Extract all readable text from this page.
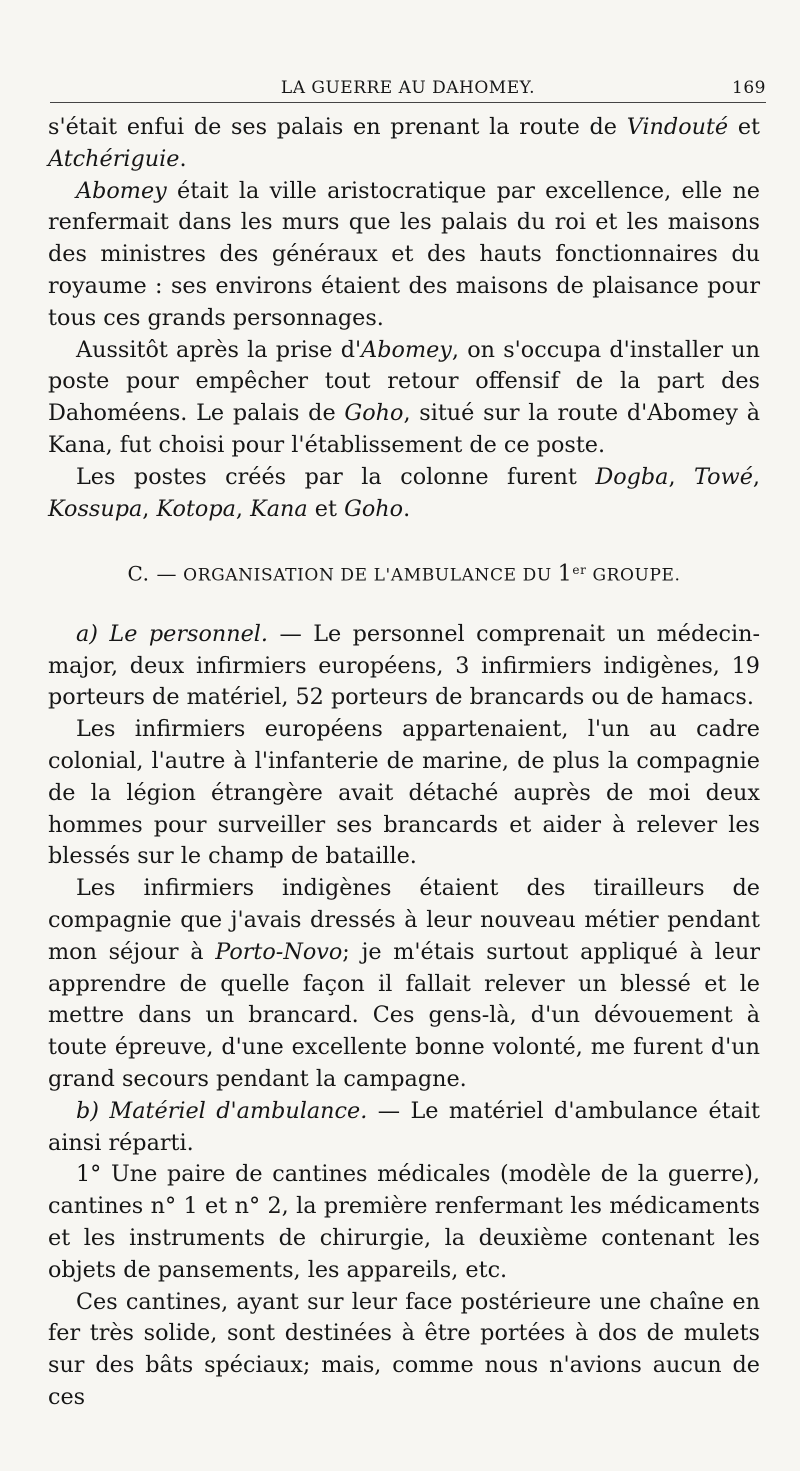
LA GUERRE AU DAHOMEY.	169

s'était enfui de ses palais en prenant la route de Vindouté et Atchériguie.

Abomey était la ville aristocratique par excellence, elle ne renfermait dans les murs que les palais du roi et les maisons des ministres des généraux et des hauts fonctionnaires du royaume : ses environs étaient des maisons de plaisance pour tous ces grands personnages.

Aussitôt après la prise d'Abomey, on s'occupa d'installer un poste pour empêcher tout retour offensif de la part des Dahoméens. Le palais de Goho, situé sur la route d'Abomey à Kana, fut choisi pour l'établissement de ce poste.

Les postes créés par la colonne furent Dogba, Towé, Kossupa, Kotopa, Kana et Goho.

C. — ORGANISATION DE L'AMBULANCE DU 1er GROUPE.

a) Le personnel. — Le personnel comprenait un médecin-major, deux infirmiers européens, 3 infirmiers indigènes, 19 porteurs de matériel, 52 porteurs de brancards ou de hamacs.

Les infirmiers européens appartenaient, l'un au cadre colonial, l'autre à l'infanterie de marine, de plus la compagnie de la légion étrangère avait détaché auprès de moi deux hommes pour surveiller ses brancards et aider à relever les blessés sur le champ de bataille.

Les infirmiers indigènes étaient des tirailleurs de compagnie que j'avais dressés à leur nouveau métier pendant mon séjour à Porto-Novo; je m'étais surtout appliqué à leur apprendre de quelle façon il fallait relever un blessé et le mettre dans un brancard. Ces gens-là, d'un dévouement à toute épreuve, d'une excellente bonne volonté, me furent d'un grand secours pendant la campagne.

b) Matériel d'ambulance. — Le matériel d'ambulance était ainsi réparti.

1° Une paire de cantines médicales (modèle de la guerre), cantines n° 1 et n° 2, la première renfermant les médicaments et les instruments de chirurgie, la deuxième contenant les objets de pansements, les appareils, etc.

Ces cantines, ayant sur leur face postérieure une chaîne en fer très solide, sont destinées à être portées à dos de mulets sur des bâts spéciaux; mais, comme nous n'avions aucun de ces
